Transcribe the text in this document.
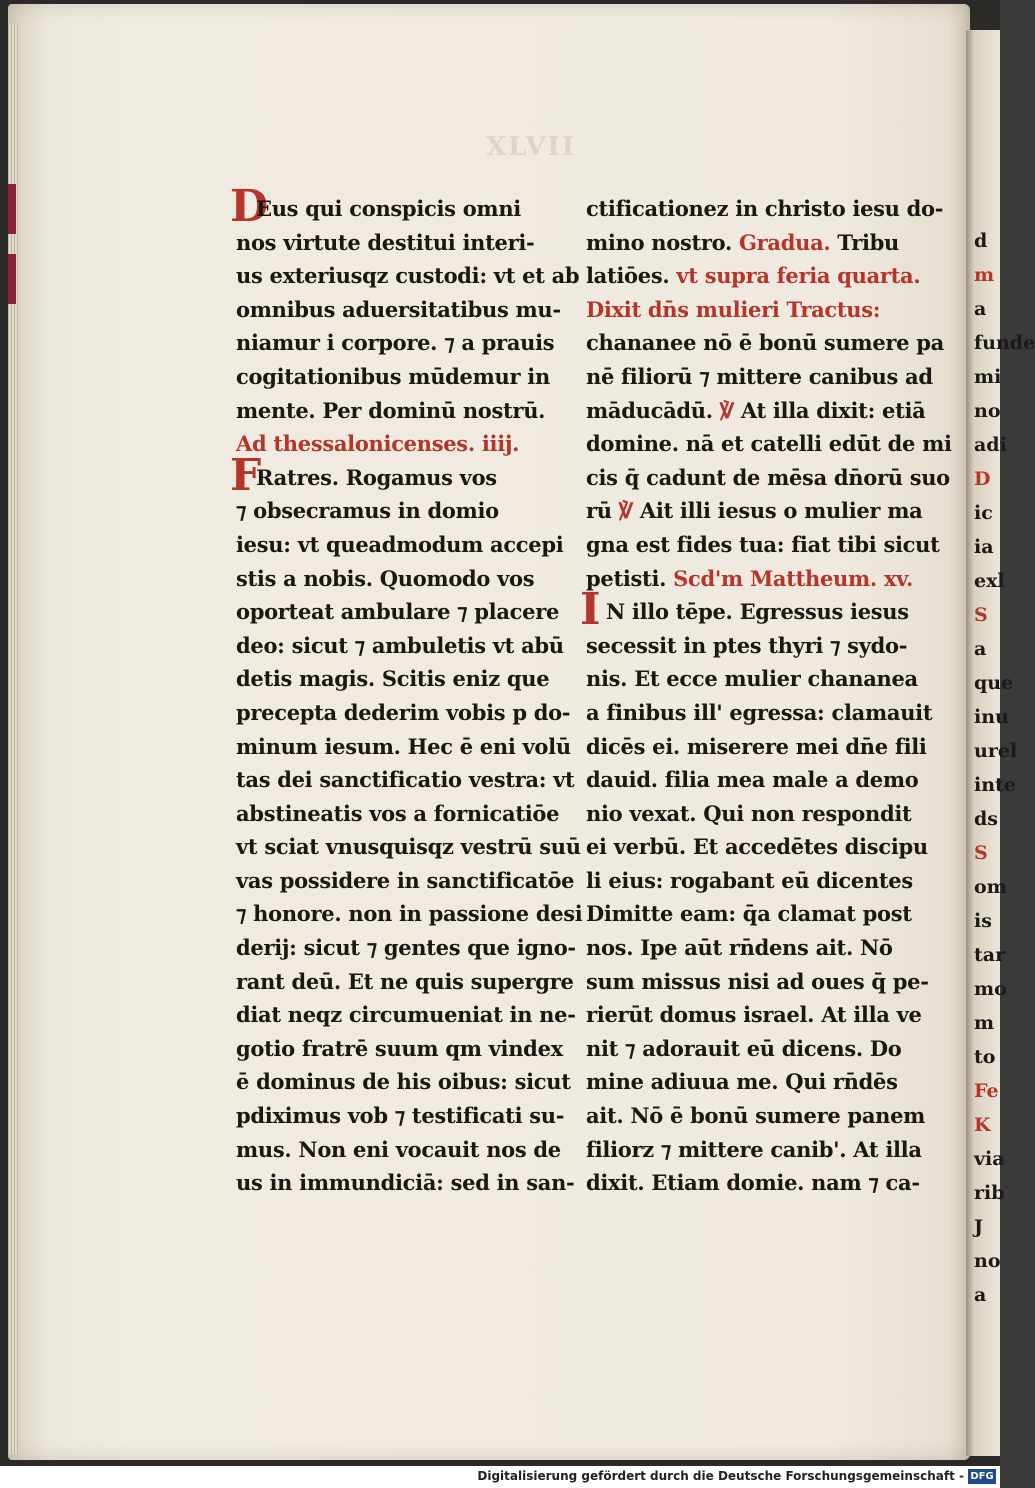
XLVII
DEus qui conspicis omni
nos virtute destitui interi-
us exteriusqz custodi: vt et ab
omnibus aduersitatibus mu-
niamur i corpore. ⁊ a prauis
cogitationibus mūdemur in
mente. Per dominū nostrū.
Ad thessalonicenses. iiij.
FRatres. Rogamus vos
⁊ obsecramus in domio
iesu: vt queadmodum accepi
stis a nobis. Quomodo vos
oporteat ambulare ⁊ placere
deo: sicut ⁊ ambuletis vt abū
detis magis. Scitis eniz que
precepta dederim vobis p do-
minum iesum. Hec ē eni volū
tas dei sanctificatio vestra: vt
abstineatis vos a fornicatiōe
vt sciat vnusquisqz vestrū suū
vas possidere in sanctificatōe
⁊ honore. non in passione desi
derij: sicut ⁊ gentes que igno-
rant deū. Et ne quis supergre
diat neqz circumueniat in ne-
gotio fratrē suum qm vindex
ē dominus de his oibus: sicut
pdiximus vob ⁊ testificati su-
mus. Non eni vocauit nos de
us in immundiciā: sed in san-
ctificationez in christo iesu do-
mino nostro. Gradua. Tribu
latiōes. vt supra feria quarta.
Dixit dn̄s mulieri Tractus:
chananee nō ē bonū sumere pa
nē filiorū ⁊ mittere canibus ad
māducādū. ℣ At illa dixit: etiā
domine. nā et catelli edūt de mi
cis q̄ cadunt de mēsa dn̄orū suo
rū ℣ Ait illi iesus o mulier ma
gna est fides tua: fiat tibi sicut
petisti. Scd'm Mattheum. xv.
I N illo tēpe. Egressus iesus
secessit in ptes thyri ⁊ sydo-
nis. Et ecce mulier chananea
a finibus ill' egressa: clamauit
dicēs ei. miserere mei dn̄e fili
dauid. filia mea male a demo
nio vexat. Qui non respondit
ei verbū. Et accedētes discipu
li eius: rogabant eū dicentes
Dimitte eam: q̄a clamat post
nos. Ipe aūt rn̄dens ait. Nō
sum missus nisi ad oues q̄ pe-
rierūt domus israel. At illa ve
nit ⁊ adorauit eū dicens. Do
mine adiuua me. Qui rn̄dēs
ait. Nō ē bonū sumere panem
filiorz ⁊ mittere canib'. At illa
dixit. Etiam domie. nam ⁊ ca-
d
m
a
funde
mi
no
adi
D
ic
ia
exl
S
a
que
inu
urel
inte
ds
S
om
is
tar
mo
m
to
Fe
K
via
rib
J
no
a
Digitalisierung gefördert durch die Deutsche Forschungsgemeinschaft - DFG
